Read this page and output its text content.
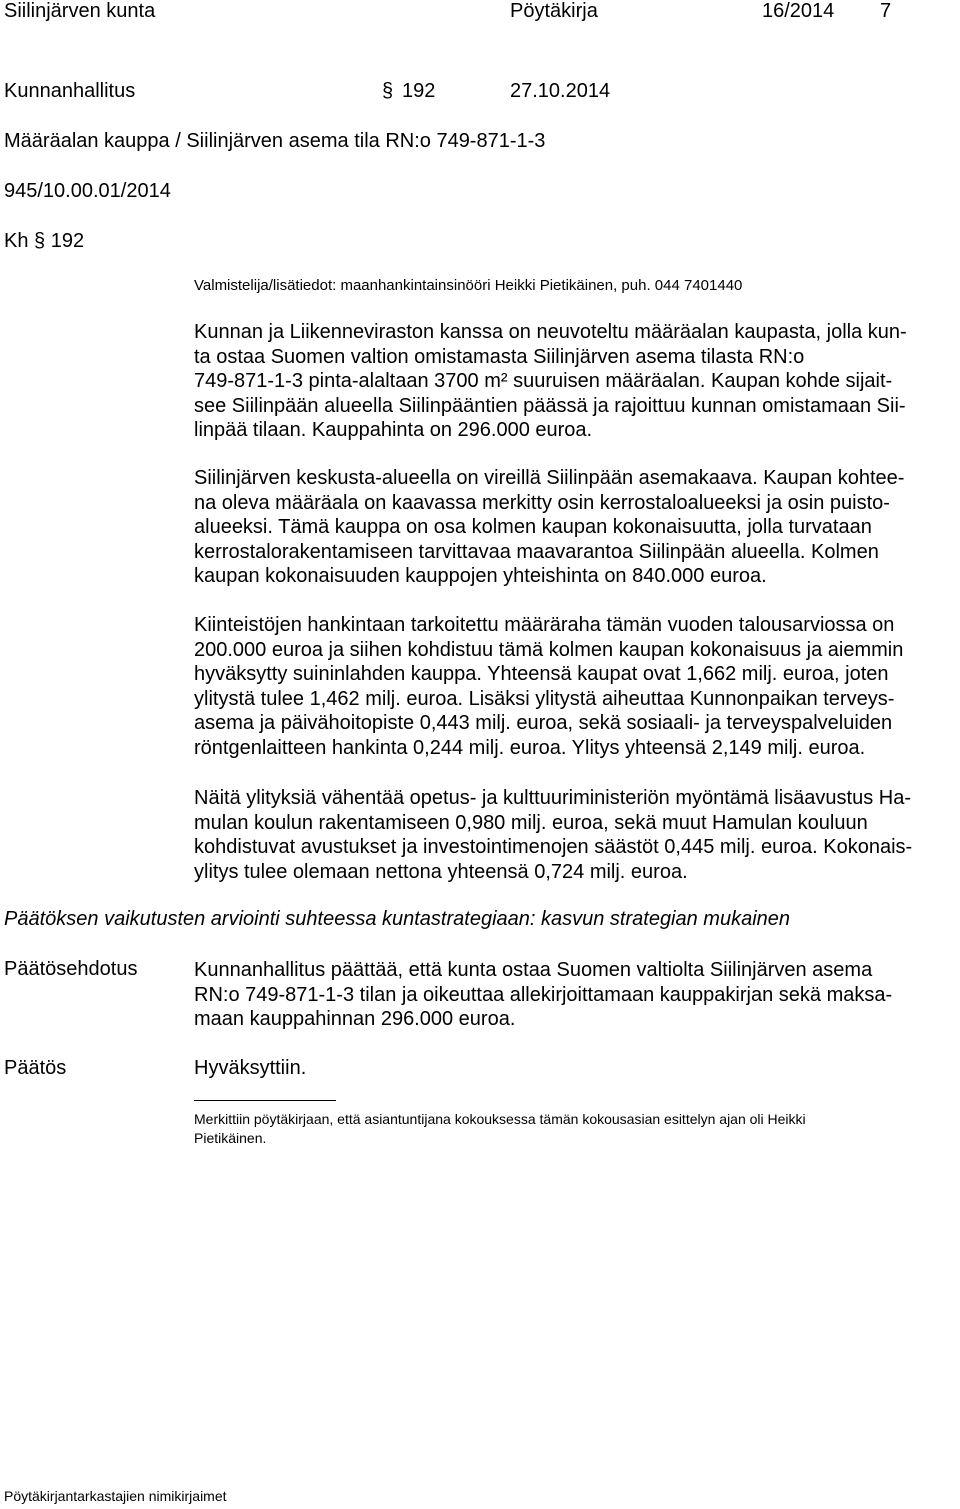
Siilinjärven kunta	Pöytäkirja	16/2014 7
Kunnanhallitus	§ 192	27.10.2014
Määräalan kauppa / Siilinjärven asema tila RN:o 749-871-1-3
945/10.00.01/2014
Kh § 192
Valmistelija/lisätiedot: maanhankintainsinööri Heikki Pietikäinen, puh. 044 7401440

Kunnan ja Liikenneviraston kanssa on neuvoteltu määräalan kaupasta, jolla kun-
ta ostaa Suomen valtion omistamasta Siilinjärven asema tilasta RN:o
749-871-1-3 pinta-alaltaan 3700 m² suuruisen määräalan. Kaupan kohde sijait-
see Siilinpään alueella Siilinpääntien päässä ja rajoittuu kunnan omistamaan Sii-
linpää tilaan. Kauppahinta on 296.000 euroa.

Siilinjärven keskusta-alueella on vireillä Siilinpään asemakaava. Kaupan kohtee-
na oleva määräala on kaavassa merkitty osin kerrostaloalueeksi ja osin puisto-
alueeksi. Tämä kauppa on osa kolmen kaupan kokonaisuutta, jolla turvataan
kerrostalorakentamiseen tarvittavaa maavarantoa Siilinpään alueella. Kolmen
kaupan kokonaisuuden kauppojen yhteishinta on 840.000 euroa.

Kiinteistöjen hankintaan tarkoitettu määräraha tämän vuoden talousarviossa on
200.000 euroa ja siihen kohdistuu tämä kolmen kaupan kokonaisuus ja aiemmin
hyväksytty suininlahden kauppa. Yhteensä kaupat ovat 1,662 milj. euroa, joten
ylitystä tulee 1,462 milj. euroa. Lisäksi ylitystä aiheuttaa Kunnonpaikan terveys-
asema ja päivähoitopiste 0,443 milj. euroa, sekä sosiaali- ja terveyspalveluiden
röntgenlaitteen hankinta 0,244 milj. euroa. Ylitys yhteensä 2,149 milj. euroa.

Näitä ylityksiä vähentää opetus- ja kulttuuriministeriön myöntämä lisäavustus Ha-
mulan koulun rakentamiseen 0,980 milj. euroa, sekä muut Hamulan kouluun
kohdistuvat avustukset ja investointimenojen säästöt 0,445 milj. euroa. Kokonais-
ylitys tulee olemaan nettona yhteensä 0,724 milj. euroa.

Päätöksen vaikutusten arviointi suhteessa kuntastrategiaan: kasvun strategian mukainen
Päätösehdotus	Kunnanhallitus päättää, että kunta ostaa Suomen valtiolta Siilinjärven asema
RN:o 749-871-1-3 tilan ja oikeuttaa allekirjoittamaan kauppakirjan sekä maksa-
maan kauppahinnan 296.000 euroa.

Päätös	Hyväksyttiin.
Merkittiin pöytäkirjaan, että asiantuntijana kokouksessa tämän kokousasian esittelyn ajan oli Heikki
Pietikäinen.
Pöytäkirjantarkastajien nimikirjaimet
